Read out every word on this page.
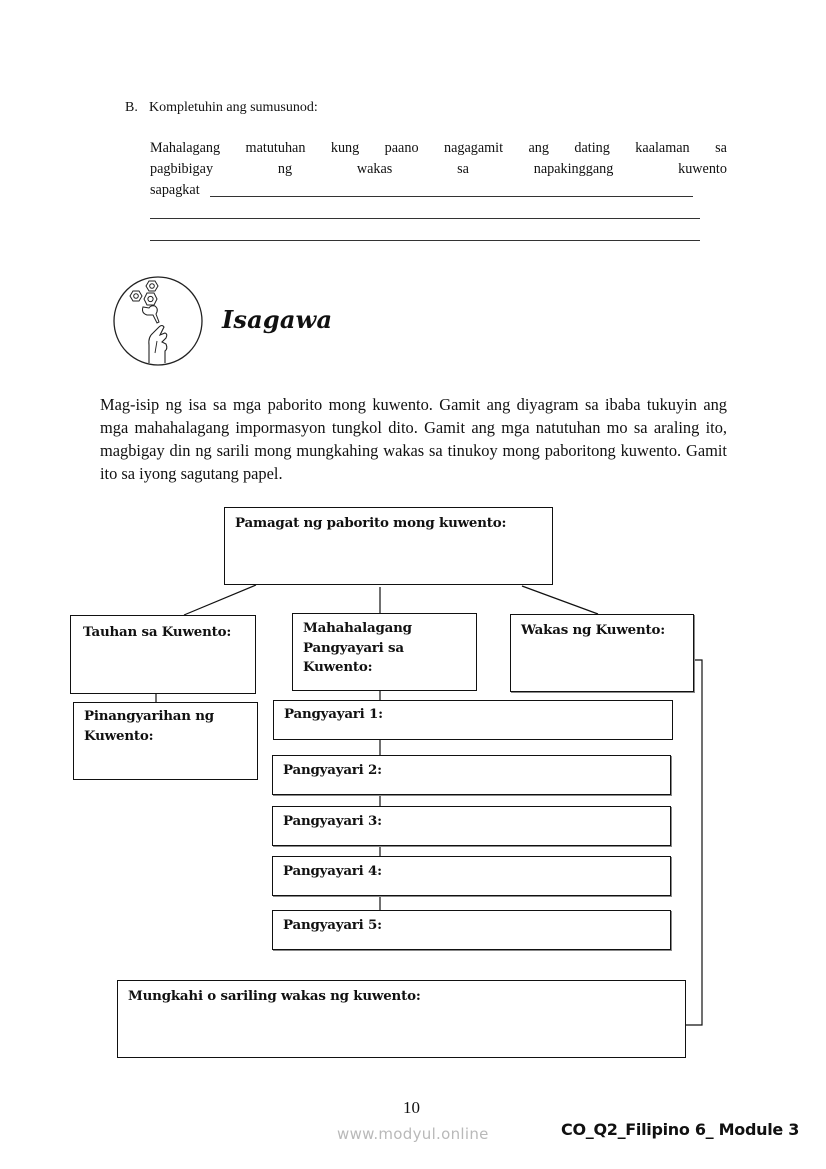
B. Kompletuhin ang sumusunod:
Mahalagang matutuhan kung paano nagagamit ang dating kaalaman sa
pagbibigay	ng	wakas	sa	napakinggang	kuwento
sapagkat
Isagawa
Mag-isip ng isa sa mga paborito mong kuwento. Gamit ang diyagram sa ibaba tukuyin ang mga mahahalagang impormasyon tungkol dito. Gamit ang mga natutuhan mo sa araling ito, magbigay din ng sarili mong mungkahing wakas sa tinukoy mong paboritong kuwento. Gamit ito sa iyong sagutang papel.
Pamagat ng paborito mong kuwento:
Tauhan sa Kuwento:	Mahahalagang
Pangyayari sa
Kuwento:
Wakas ng Kuwento:
Pinangyarihan ng
Kuwento:
Pangyayari 1:
Pangyayari 2:
Pangyayari 3:
Pangyayari 4:
Pangyayari 5:
Mungkahi o sariling wakas ng kuwento:
10
www.modyul.online	CO_Q2_Filipino 6_ Module 3
